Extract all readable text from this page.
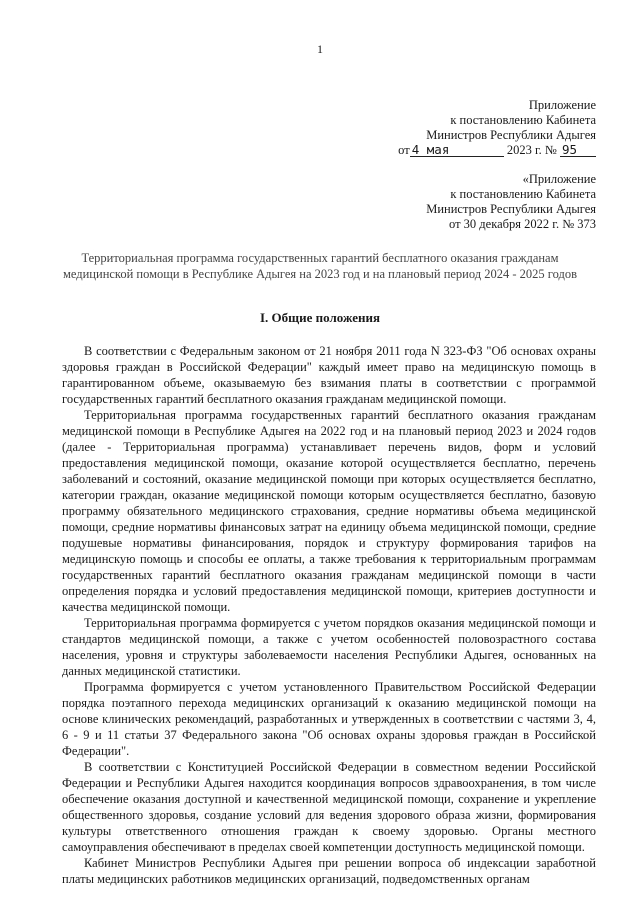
1
Приложение
к постановлению Кабинета
Министров Республики Адыгея
от 4 мая	2023 г. № 95
«Приложение
к постановлению Кабинета
Министров Республики Адыгея
от 30 декабря 2022 г. № 373
Территориальная программа государственных гарантий бесплатного оказания гражданам
медицинской помощи в Республике Адыгея на 2023 год и на плановый период 2024 - 2025 годов
I. Общие положения

В соответствии с Федеральным законом от 21 ноября 2011 года N 323-ФЗ "Об основах охраны здоровья граждан в Российской Федерации" каждый имеет право на медицинскую помощь в гарантированном объеме, оказываемую без взимания платы в соответствии с программой государственных гарантий бесплатного оказания гражданам медицинской помощи.

Территориальная программа государственных гарантий бесплатного оказания гражданам медицинской помощи в Республике Адыгея на 2022 год и на плановый период 2023 и 2024 годов (далее - Территориальная программа) устанавливает перечень видов, форм и условий предоставления медицинской помощи, оказание которой осуществляется бесплатно, перечень заболеваний и состояний, оказание медицинской помощи при которых осуществляется бесплатно, категории граждан, оказание медицинской помощи которым осуществляется бесплатно, базовую программу обязательного медицинского страхования, средние нормативы объема медицинской помощи, средние нормативы финансовых затрат на единицу объема медицинской помощи, средние подушевые нормативы финансирования, порядок и структуру формирования тарифов на медицинскую помощь и способы ее оплаты, а также требования к территориальным программам государственных гарантий бесплатного оказания гражданам медицинской помощи в части определения порядка и условий предоставления медицинской помощи, критериев доступности и качества медицинской помощи.

Территориальная программа формируется с учетом порядков оказания медицинской помощи и стандартов медицинской помощи, а также с учетом особенностей половозрастного состава населения, уровня и структуры заболеваемости населения Республики Адыгея, основанных на данных медицинской статистики.

Программа формируется с учетом установленного Правительством Российской Федерации порядка поэтапного перехода медицинских организаций к оказанию медицинской помощи на основе клинических рекомендаций, разработанных и утвержденных в соответствии с частями 3, 4, 6 - 9 и 11 статьи 37 Федерального закона "Об основах охраны здоровья граждан в Российской Федерации".

В соответствии с Конституцией Российской Федерации в совместном ведении Российской Федерации и Республики Адыгея находится координация вопросов здравоохранения, в том числе обеспечение оказания доступной и качественной медицинской помощи, сохранение и укрепление общественного здоровья, создание условий для ведения здорового образа жизни, формирования культуры ответственного отношения граждан к своему здоровью. Органы местного самоуправления обеспечивают в пределах своей компетенции доступность медицинской помощи.

Кабинет Министров Республики Адыгея при решении вопроса об индексации заработной платы медицинских работников медицинских организаций, подведомственных органам
